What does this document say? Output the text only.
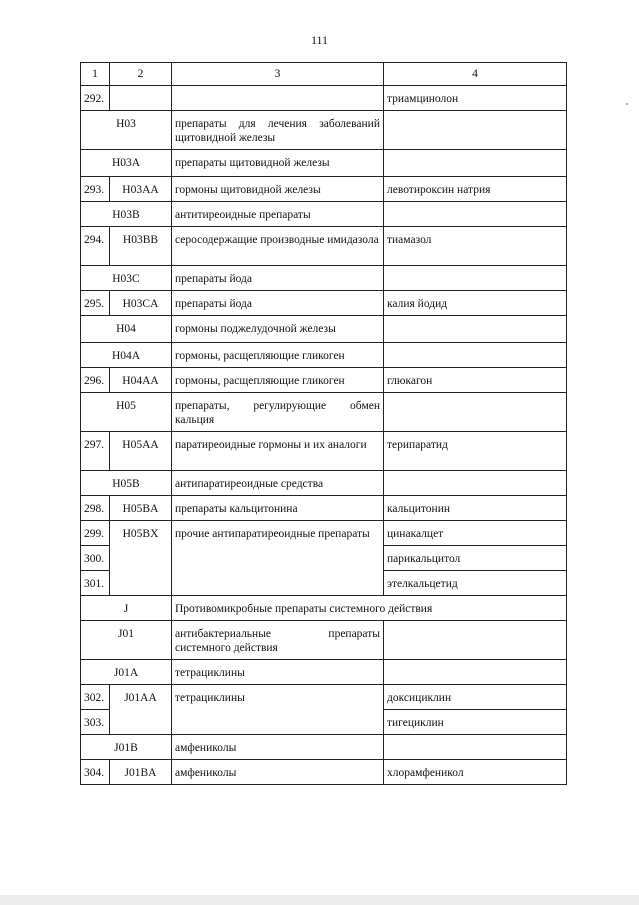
111
1	2	3	4
292.			триамцинолон
H03		препараты для лечения заболеваний щитовидной железы	
H03A		препараты щитовидной железы	
293.	H03AA	гормоны щитовидной железы	левотироксин натрия
H03B		антитиреоидные препараты	
294.	H03BB	серосодержащие производные имидазола	тиамазол
H03C		препараты йода	
295.	H03CA	препараты йода	калия йодид
H04		гормоны поджелудочной железы	
H04A		гормоны, расщепляющие гликоген	
296.	H04AA	гормоны, расщепляющие гликоген	глюкагон
H05		препараты, регулирующие обмен кальция	
297.	H05AA	паратиреоидные гормоны и их аналоги	терипаратид
H05B		антипаратиреоидные средства	
298.	H05BA	препараты кальцитонина	кальцитонин
299.	H05BX	прочие антипаратиреоидные препараты	цинакалцет
300.			парикальцитол
301.			этелкальцетид
J		Противомикробные препараты системного действия	
J01		антибактериальные препараты системного действия	
J01A		тетрациклины	
302.	J01AA	тетрациклины	доксициклин
303.			тигециклин
J01B		амфениколы	
304.	J01BA	амфениколы	хлорамфеникол
